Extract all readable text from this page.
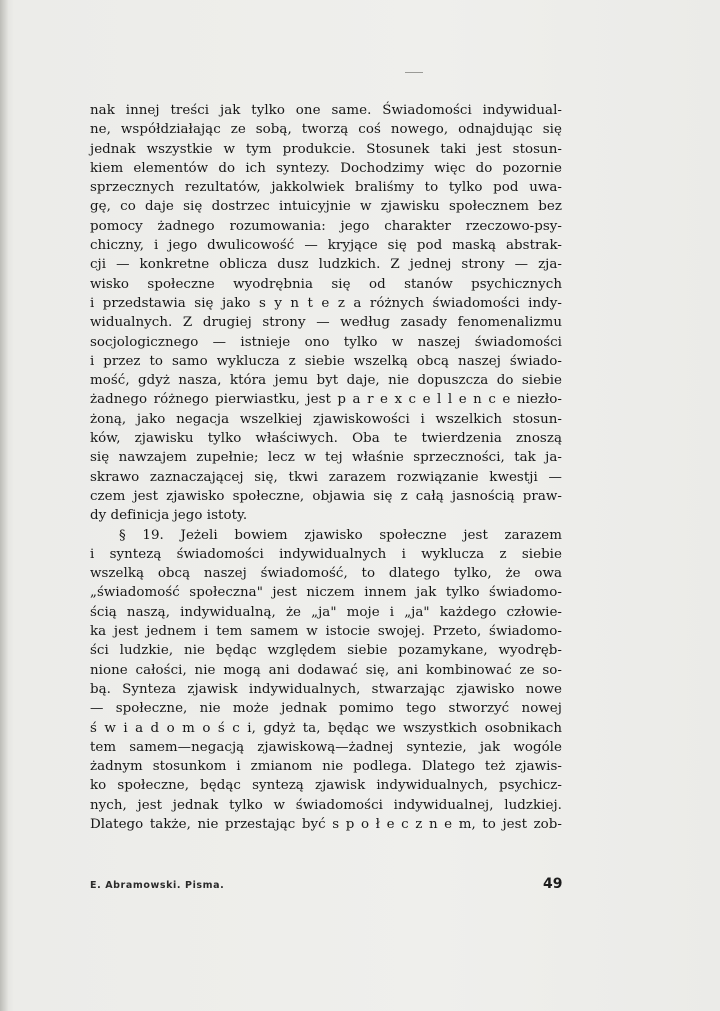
nak innej treści jak tylko one same. Świadomości indywidual-
ne, współdziałając ze sobą, tworzą coś nowego, odnajdując się
jednak wszystkie w tym produkcie. Stosunek taki jest stosun-
kiem elementów do ich syntezy. Dochodzimy więc do pozornie
sprzecznych rezultatów, jakkolwiek braliśmy to tylko pod uwa-
gę, co daje się dostrzec intuicyjnie w zjawisku społecznem bez
pomocy żadnego rozumowania: jego charakter rzeczowo-psy-
chiczny, i jego dwulicowość — kryjące się pod maską abstrak-
cji — konkretne oblicza dusz ludzkich. Z jednej strony — zja-
wisko społeczne wyodrębnia się od stanów psychicznych
i przedstawia się jako s y n t e z a różnych świadomości indy-
widualnych. Z drugiej strony — według zasady fenomenalizmu
socjologicznego — istnieje ono tylko w naszej świadomości
i przez to samo wyklucza z siebie wszelką obcą naszej świado-
mość, gdyż nasza, która jemu byt daje, nie dopuszcza do siebie
żadnego różnego pierwiastku, jest p a r e x c e l l e n c e niezło-
żoną, jako negacja wszelkiej zjawiskowości i wszelkich stosun-
ków, zjawisku tylko właściwych. Oba te twierdzenia znoszą
się nawzajem zupełnie; lecz w tej właśnie sprzeczności, tak ja-
skrawo zaznaczającej się, tkwi zarazem rozwiązanie kwestji —
czem jest zjawisko społeczne, objawia się z całą jasnością praw-
dy definicja jego istoty.
§ 19. Jeżeli bowiem zjawisko społeczne jest zarazem
i syntezą świadomości indywidualnych i wyklucza z siebie
wszelką obcą naszej świadomość, to dlatego tylko, że owa
„świadomość społeczna" jest niczem innem jak tylko świadomo-
ścią naszą, indywidualną, że „ja" moje i „ja" każdego człowie-
ka jest jednem i tem samem w istocie swojej. Przeto, świadomo-
ści ludzkie, nie będąc względem siebie pozamykane, wyodręb-
nione całości, nie mogą ani dodawać się, ani kombinować ze so-
bą. Synteza zjawisk indywidualnych, stwarzając zjawisko nowe
— społeczne, nie może jednak pomimo tego stworzyć nowej
ś w i a d o m o ś c i, gdyż ta, będąc we wszystkich osobnikach
tem samem—negacją zjawiskową—żadnej syntezie, jak wogóle
żadnym stosunkom i zmianom nie podlega. Dlatego też zjawis-
ko społeczne, będąc syntezą zjawisk indywidualnych, psychicz-
nych, jest jednak tylko w świadomości indywidualnej, ludzkiej.
Dlatego także, nie przestając być s p o ł e c z n e m, to jest zob-
E. Abramowski. Pisma.	49
